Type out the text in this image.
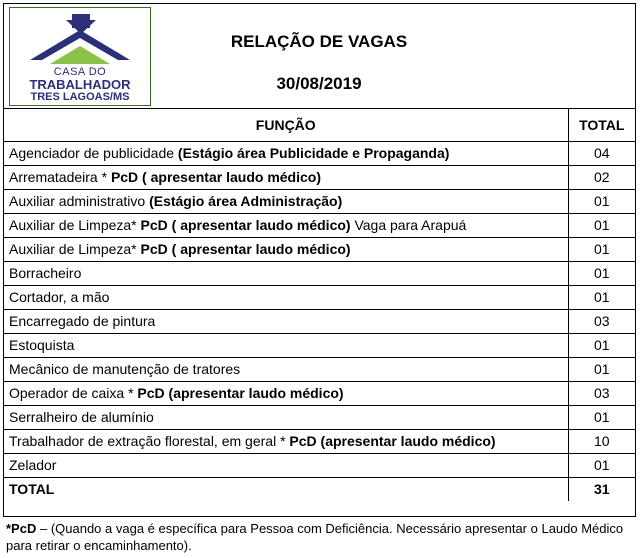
CASA DO
TRABALHADOR
TRES LAGOAS/MS
RELAÇÃO DE VAGAS
30/08/2019
FUNÇÃO	TOTAL
Agenciador de publicidade (Estágio área Publicidade e Propaganda)	04
Arrematadeira * PcD ( apresentar laudo médico)	02
Auxiliar administrativo (Estágio área Administração)	01
Auxiliar de Limpeza* PcD ( apresentar laudo médico) Vaga para Arapuá	01
Auxiliar de Limpeza* PcD ( apresentar laudo médico)	01
Borracheiro	01
Cortador, a mão	01
Encarregado de pintura	03
Estoquista	01
Mecânico de manutenção de tratores	01
Operador de caixa * PcD (apresentar laudo médico)	03
Serralheiro de alumínio	01
Trabalhador de extração florestal, em geral * PcD (apresentar laudo médico)	10
Zelador	01
TOTAL	31
*PcD – (Quando a vaga é específica para Pessoa com Deficiência. Necessário apresentar o Laudo Médico para retirar o encaminhamento).
